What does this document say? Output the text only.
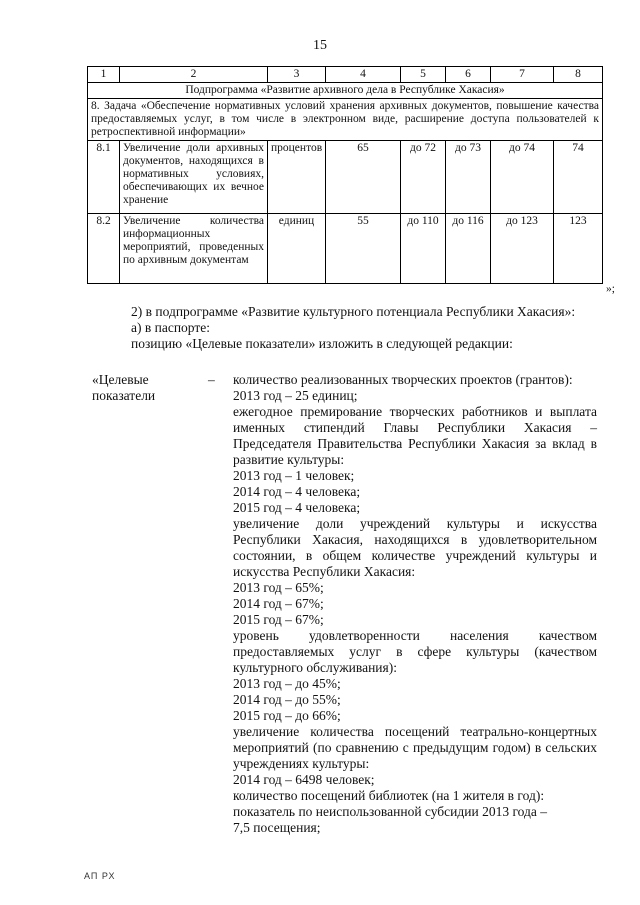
15
1	2	3	4	5	6	7	8
Подпрограмма «Развитие архивного дела в Республике Хакасия»							
8. Задача «Обеспечение нормативных условий хранения архивных документов, повышение качества предоставляемых услуг, в том числе в электронном виде, расширение доступа пользователей к ретроспективной информации»							
8.1	Увеличение доли архивных документов, находящихся в нормативных условиях, обеспечивающих их вечное хранение	процентов	65	до 72	до 73	до 74	74
8.2	Увеличение количества информационных мероприятий, проведенных по архивным документам	единиц	55	до 110	до 116	до 123	123
»;
2) в подпрограмме «Развитие культурного потенциала Республики Хакасия»:
а) в паспорте:
позицию «Целевые показатели» изложить в следующей редакции:
«Целевые
показатели
– количество реализованных творческих проектов (грантов):
2013 год – 25 единиц;
ежегодное премирование творческих работников и выплата именных стипендий Главы Республики Хакасия – Председателя Правительства Республики Хакасия за вклад в развитие культуры:
2013 год – 1 человек;
2014 год – 4 человека;
2015 год – 4 человека;
увеличение доли учреждений культуры и искусства Республики Хакасия, находящихся в удовлетворительном состоянии, в общем количестве учреждений культуры и искусства Республики Хакасия:
2013 год – 65%;
2014 год – 67%;
2015 год – 67%;
уровень удовлетворенности населения качеством предоставляемых услуг в сфере культуры (качеством культурного обслуживания):
2013 год – до 45%;
2014 год – до 55%;
2015 год – до 66%;
увеличение количества посещений театрально-концертных мероприятий (по сравнению с предыдущим годом) в сельских учреждениях культуры:
2014 год – 6498 человек;
количество посещений библиотек (на 1 жителя в год):
показатель по неиспользованной субсидии 2013 года –
7,5 посещения;
АП РХ
